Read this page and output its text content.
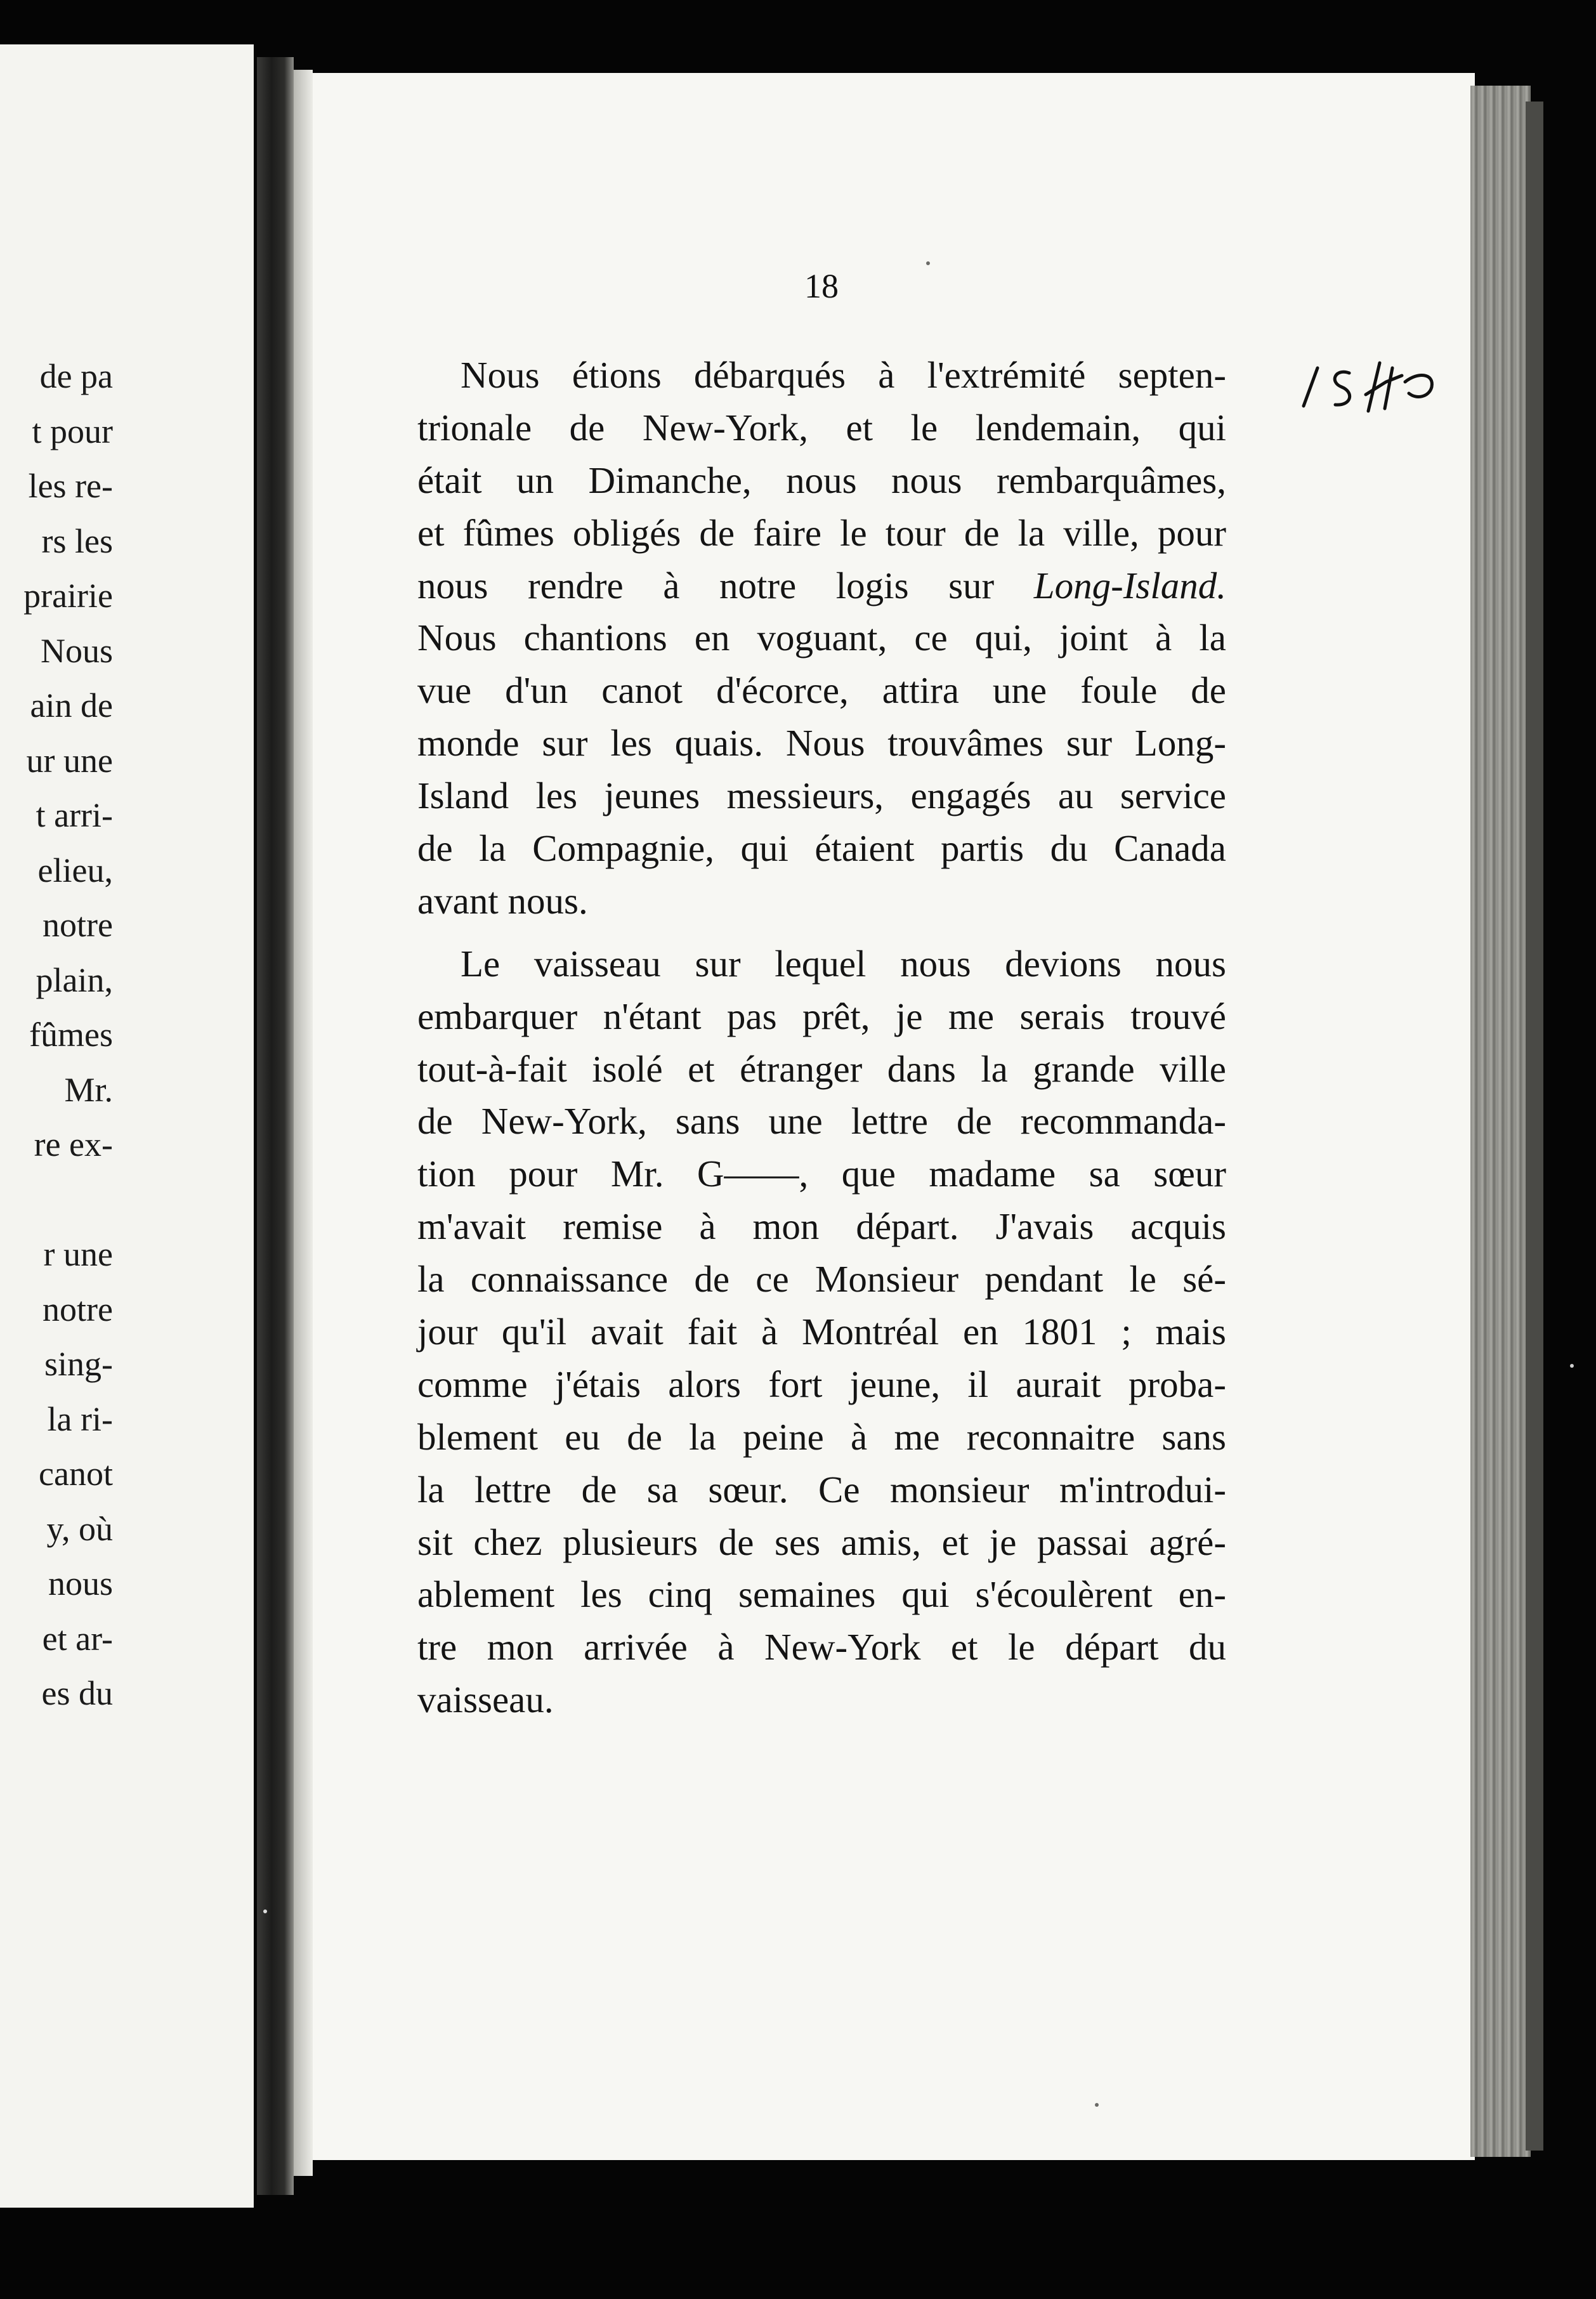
de pa
t pour
les re-
rs les
prairie
Nous
ain de
ur une
t arri-
elieu,
notre
plain,
fûmes
Mr.
re ex-
r une
notre
sing-
la ri-
canot
y, où
nous
et ar-
es du
18
Nous étions débarqués à l'extrémité septen-
trionale de New-York, et le lendemain, qui
était un Dimanche, nous nous rembarquâmes,
et fûmes obligés de faire le tour de la ville, pour
nous rendre à notre logis sur Long-Island.
Nous chantions en voguant, ce qui, joint à la
vue d'un canot d'écorce, attira une foule de
monde sur les quais. Nous trouvâmes sur Long-
Island les jeunes messieurs, engagés au service
de la Compagnie, qui étaient partis du Canada
avant nous.
Le vaisseau sur lequel nous devions nous
embarquer n'étant pas prêt, je me serais trouvé
tout-à-fait isolé et étranger dans la grande ville
de New-York, sans une lettre de recommanda-
tion pour Mr. G——, que madame sa sœur
m'avait remise à mon départ. J'avais acquis
la connaissance de ce Monsieur pendant le sé-
jour qu'il avait fait à Montréal en 1801 ; mais
comme j'étais alors fort jeune, il aurait proba-
blement eu de la peine à me reconnaitre sans
la lettre de sa sœur. Ce monsieur m'introdui-
sit chez plusieurs de ses amis, et je passai agré-
ablement les cinq semaines qui s'écoulèrent en-
tre mon arrivée à New-York et le départ du
vaisseau.
